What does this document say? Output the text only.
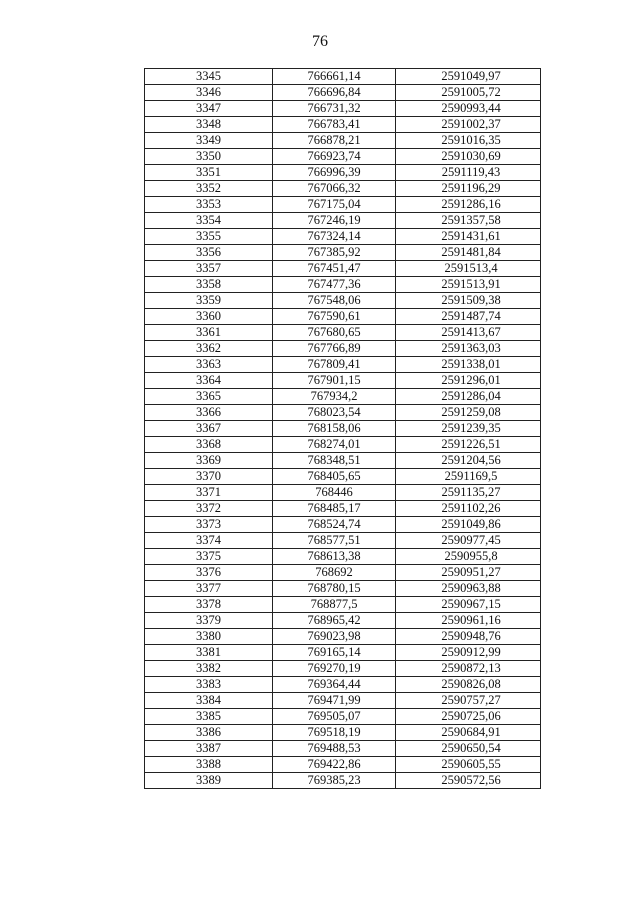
76
3345	766661,14	2591049,97
3346	766696,84	2591005,72
3347	766731,32	2590993,44
3348	766783,41	2591002,37
3349	766878,21	2591016,35
3350	766923,74	2591030,69
3351	766996,39	2591119,43
3352	767066,32	2591196,29
3353	767175,04	2591286,16
3354	767246,19	2591357,58
3355	767324,14	2591431,61
3356	767385,92	2591481,84
3357	767451,47	2591513,4
3358	767477,36	2591513,91
3359	767548,06	2591509,38
3360	767590,61	2591487,74
3361	767680,65	2591413,67
3362	767766,89	2591363,03
3363	767809,41	2591338,01
3364	767901,15	2591296,01
3365	767934,2	2591286,04
3366	768023,54	2591259,08
3367	768158,06	2591239,35
3368	768274,01	2591226,51
3369	768348,51	2591204,56
3370	768405,65	2591169,5
3371	768446	2591135,27
3372	768485,17	2591102,26
3373	768524,74	2591049,86
3374	768577,51	2590977,45
3375	768613,38	2590955,8
3376	768692	2590951,27
3377	768780,15	2590963,88
3378	768877,5	2590967,15
3379	768965,42	2590961,16
3380	769023,98	2590948,76
3381	769165,14	2590912,99
3382	769270,19	2590872,13
3383	769364,44	2590826,08
3384	769471,99	2590757,27
3385	769505,07	2590725,06
3386	769518,19	2590684,91
3387	769488,53	2590650,54
3388	769422,86	2590605,55
3389	769385,23	2590572,56
